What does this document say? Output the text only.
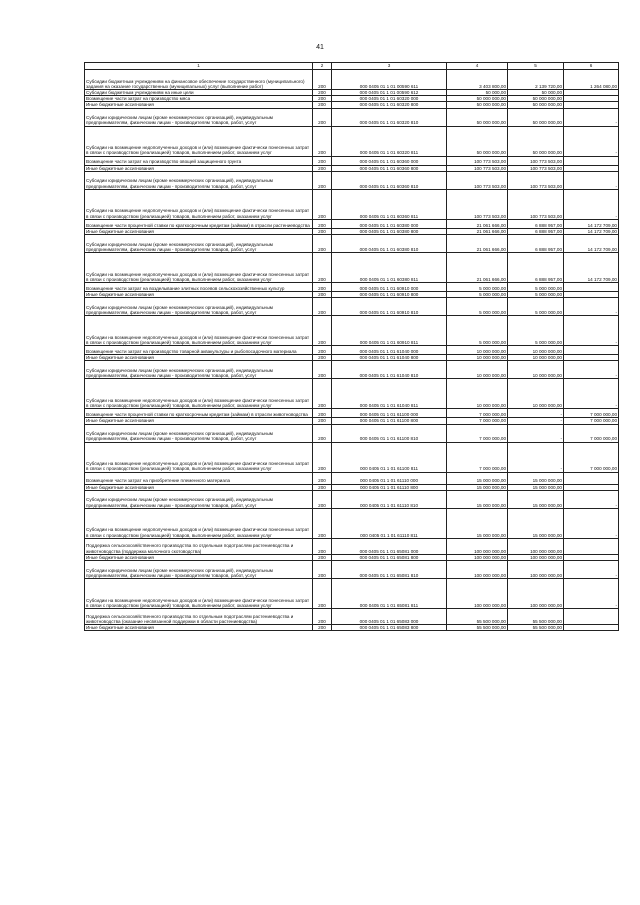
41
1	2	3	4	5	6
Субсидии бюджетным учреждениям на финансовое обеспечение государственного (муниципального) задания на оказание государственных (муниципальных) услуг (выполнение работ)	200	000 0405 01 1 01 00590 611	3 403 800,00	2 139 720,00	1 264 080,00
Субсидии бюджетным учреждениям на иные цели	200	000 0405 01 1 01 00590 612	50 000,00	50 000,00	
Возмещение части затрат на производство мяса	200	000 0405 01 1 01 60320 000	50 000 000,00	50 000 000,00	
Иные бюджетные ассигнования	200	000 0405 01 1 01 60320 800	50 000 000,00	50 000 000,00	
Субсидии юридическим лицам (кроме некоммерческих организаций), индивидуальным предпринимателям, физическим лицам - производителям товаров, работ, услуг	200	000 0405 01 1 01 60320 810	50 000 000,00	50 000 000,00	-
Субсидии на возмещение недополученных доходов и (или) возмещение фактически понесенных затрат в связи с производством (реализацией) товаров, выполнением работ, оказанием услуг	200	000 0405 01 1 01 60320 811	50 000 000,00	50 000 000,00	-
Возмещение части затрат на производство овощей защищенного грунта	200	000 0405 01 1 01 60360 000	100 773 503,00	100 773 503,00	
Иные бюджетные ассигнования	200	000 0405 01 1 01 60360 800	100 773 503,00	100 773 503,00	
Субсидии юридическим лицам (кроме некоммерческих организаций), индивидуальным предпринимателям, физическим лицам - производителям товаров, работ, услуг	200	000 0405 01 1 01 60360 810	100 773 503,00	100 773 503,00	-
Субсидии на возмещение недополученных доходов и (или) возмещение фактически понесенных затрат в связи с производством (реализацией) товаров, выполнением работ, оказанием услуг	200	000 0405 01 1 01 60360 811	100 773 503,00	100 773 503,00	-
Возмещение части процентной ставки по краткосрочным кредитам (займам) в отрасли растениеводства	200	000 0405 01 1 01 60380 000	21 061 666,00	6 888 957,00	14 172 709,00
Иные бюджетные ассигнования	200	000 0405 01 1 01 60380 800	21 061 666,00	6 888 957,00	14 172 709,00
Субсидии юридическим лицам (кроме некоммерческих организаций), индивидуальным предпринимателям, физическим лицам - производителям товаров, работ, услуг	200	000 0405 01 1 01 60380 810	21 061 666,00	6 888 957,00	14 172 709,00
Субсидии на возмещение недополученных доходов и (или) возмещение фактически понесенных затрат в связи с производством (реализацией) товаров, выполнением работ, оказанием услуг	200	000 0405 01 1 01 60380 811	21 061 666,00	6 888 957,00	14 172 709,00
Возмещение части затрат на возделывание элитных посевов сельскохозяйственных культур	200	000 0405 01 1 01 60910 000	5 000 000,00	5 000 000,00	
Иные бюджетные ассигнования	200	000 0405 01 1 01 60910 800	5 000 000,00	5 000 000,00	
Субсидии юридическим лицам (кроме некоммерческих организаций), индивидуальным предпринимателям, физическим лицам - производителям товаров, работ, услуг	200	000 0405 01 1 01 60910 810	5 000 000,00	5 000 000,00	-
Субсидии на возмещение недополученных доходов и (или) возмещение фактически понесенных затрат в связи с производством (реализацией) товаров, выполнением работ, оказанием услуг	200	000 0405 01 1 01 60910 811	5 000 000,00	5 000 000,00	-
Возмещение части затрат на производство товарной аквакультуры и рыбопосадочного материала	200	000 0405 01 1 01 61040 000	10 000 000,00	10 000 000,00	
Иные бюджетные ассигнования	200	000 0405 01 1 01 61040 800	10 000 000,00	10 000 000,00	
Субсидии юридическим лицам (кроме некоммерческих организаций), индивидуальным предпринимателям, физическим лицам - производителям товаров, работ, услуг	200	000 0405 01 1 01 61040 810	10 000 000,00	10 000 000,00	-
Субсидии на возмещение недополученных доходов и (или) возмещение фактически понесенных затрат в связи с производством (реализацией) товаров, выполнением работ, оказанием услуг	200	000 0405 01 1 01 61040 811	10 000 000,00	10 000 000,00	-
Возмещение части процентной ставки по краткосрочным кредитам (займам) в отрасли животноводства	200	000 0405 01 1 01 61100 000	7 000 000,00	-	7 000 000,00
Иные бюджетные ассигнования	200	000 0405 01 1 01 61100 800	7 000 000,00	-	7 000 000,00
Субсидии юридическим лицам (кроме некоммерческих организаций), индивидуальным предпринимателям, физическим лицам - производителям товаров, работ, услуг	200	000 0405 01 1 01 61100 810	7 000 000,00	-	7 000 000,00
Субсидии на возмещение недополученных доходов и (или) возмещение фактически понесенных затрат в связи с производством (реализацией) товаров, выполнением работ, оказанием услуг	200	000 0405 01 1 01 61100 811	7 000 000,00	-	7 000 000,00
Возмещение части затрат на приобретение племенного материала	200	000 0405 01 1 01 61110 000	15 000 000,00	15 000 000,00	
Иные бюджетные ассигнования	200	000 0405 01 1 01 61110 800	15 000 000,00	15 000 000,00	
Субсидии юридическим лицам (кроме некоммерческих организаций), индивидуальным предпринимателям, физическим лицам - производителям товаров, работ, услуг	200	000 0405 01 1 01 61110 810	15 000 000,00	15 000 000,00	-
Субсидии на возмещение недополученных доходов и (или) возмещение фактически понесенных затрат в связи с производством (реализацией) товаров, выполнением работ, оказанием услуг	200	000 0405 01 1 01 61110 811	15 000 000,00	15 000 000,00	-
Поддержка сельскохозяйственного производства по отдельным подотраслям растениеводства и животноводства (поддержка молочного скотоводства)	200	000 0405 01 1 01 65081 000	100 000 000,00	100 000 000,00	
Иные бюджетные ассигнования	200	000 0405 01 1 01 65081 800	100 000 000,00	100 000 000,00	
Субсидии юридическим лицам (кроме некоммерческих организаций), индивидуальным предпринимателям, физическим лицам - производителям товаров, работ, услуг	200	000 0405 01 1 01 65081 810	100 000 000,00	100 000 000,00	-
Субсидии на возмещение недополученных доходов и (или) возмещение фактически понесенных затрат в связи с производством (реализацией) товаров, выполнением работ, оказанием услуг	200	000 0405 01 1 01 65081 811	100 000 000,00	100 000 000,00	-
Поддержка сельскохозяйственного производства по отдельным подотраслям растениеводства и животноводства (оказание несвязанной поддержки в области растениеводства)	200	000 0405 01 1 01 65083 000	55 500 000,00	55 500 000,00	
Иные бюджетные ассигнования	200	000 0405 01 1 01 65083 800	55 500 000,00	55 500 000,00	
